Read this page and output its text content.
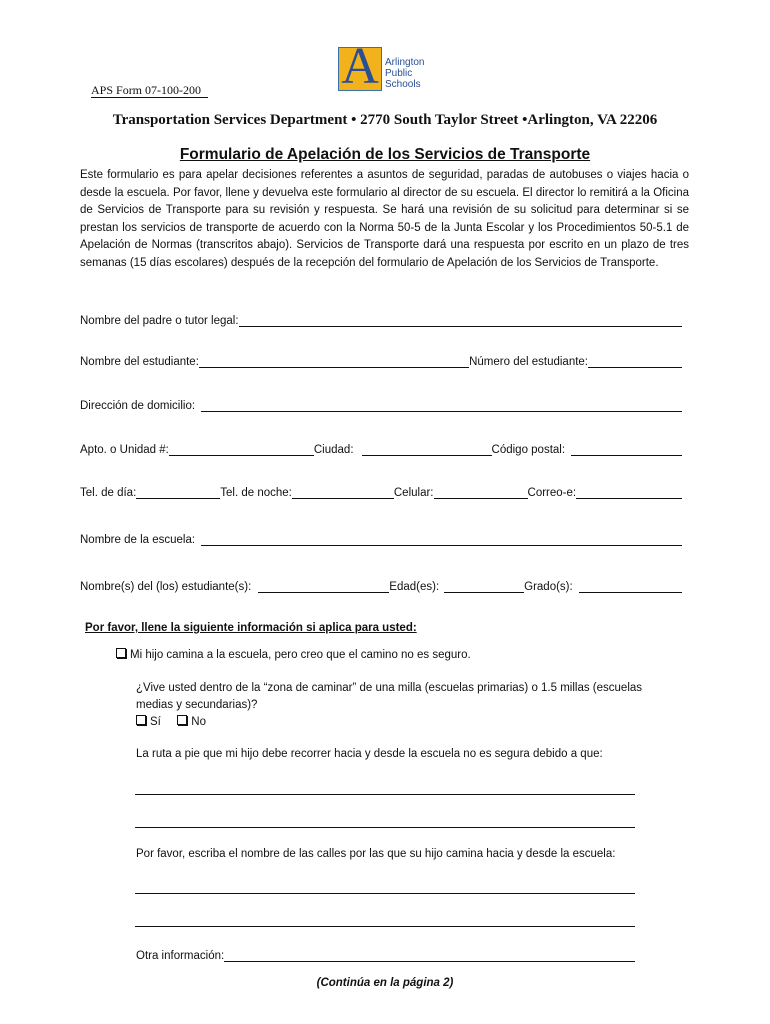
A Arlington
Public
Schools
APS Form 07-100-200
Transportation Services Department • 2770 South Taylor Street •Arlington, VA 22206
Formulario de Apelación de los Servicios de Transporte
Este formulario es para apelar decisiones referentes a asuntos de seguridad, paradas de autobuses o viajes hacia o desde la escuela. Por favor, llene y devuelva este formulario al director de su escuela. El director lo remitirá a la Oficina de Servicios de Transporte para su revisión y respuesta. Se hará una revisión de su solicitud para determinar si se prestan los servicios de transporte de acuerdo con la Norma 50-5 de la Junta Escolar y los Procedimientos 50-5.1 de Apelación de Normas (transcritos abajo). Servicios de Transporte dará una respuesta por escrito en un plazo de tres semanas (15 días escolares) después de la recepción del formulario de Apelación de los Servicios de Transporte.
Nombre del padre o tutor legal:
Nombre del estudiante:	Número del estudiante:
Dirección de domicilio:
Apto. o Unidad #:	Ciudad:	Código postal:
Tel. de día:	Tel. de noche:	Celular:	Correo-e:
Nombre de la escuela:
Nombre(s) del (los) estudiante(s):	Edad(es):	Grado(s):
Por favor, llene la siguiente información si aplica para usted:
Mi hijo camina a la escuela, pero creo que el camino no es seguro.
¿Vive usted dentro de la “zona de caminar” de una milla (escuelas primarias) o 1.5 millas (escuelas medias y secundarias)?
Sí	No
La ruta a pie que mi hijo debe recorrer hacia y desde la escuela no es segura debido a que:
Por favor, escriba el nombre de las calles por las que su hijo camina hacia y desde la escuela:
Otra información:
(Continúa en la página 2)
